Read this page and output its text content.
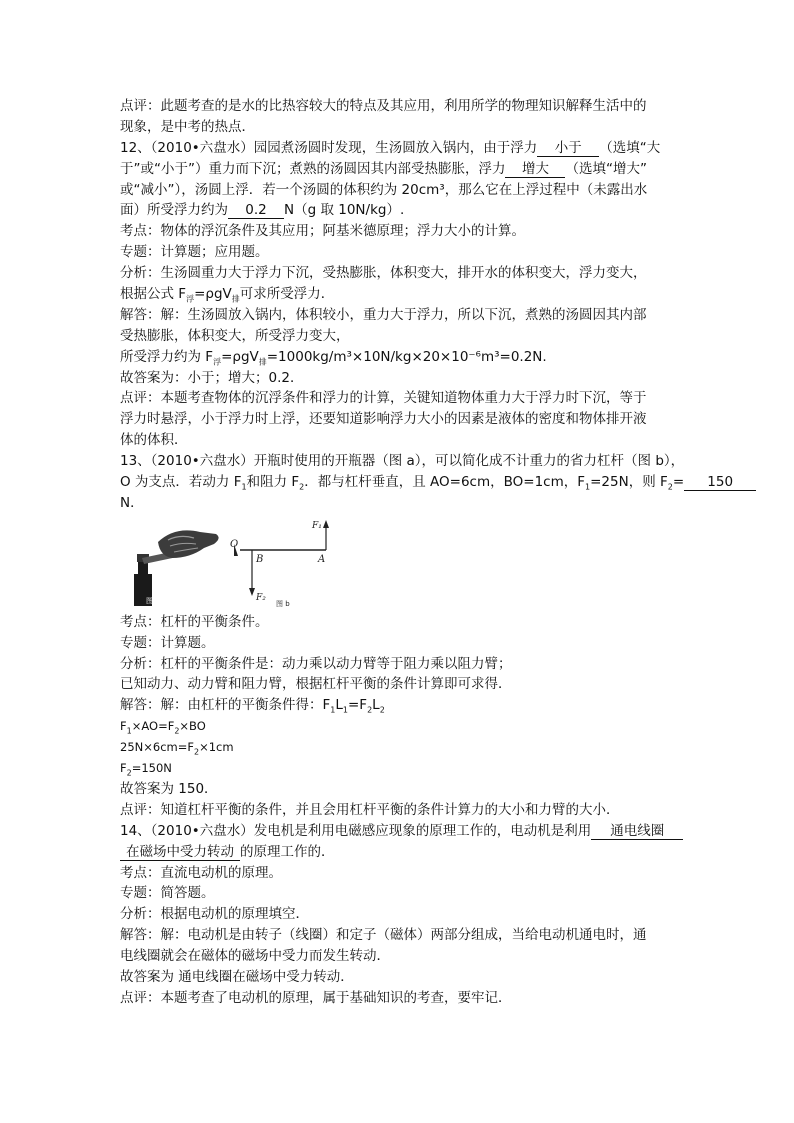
点评：此题考查的是水的比热容较大的特点及其应用，利用所学的物理知识解释生活中的
现象，是中考的热点．
12、（2010•六盘水）园园煮汤圆时发现，生汤圆放入锅内，由于浮力 小于 （选填“大
于”或“小于”）重力而下沉；煮熟的汤圆因其内部受热膨胀，浮力 增大 （选填“增大”
或“减小”），汤圆上浮．若一个汤圆的体积约为 20cm³，那么它在上浮过程中（未露出水
面）所受浮力约为 0.2 N（g 取 10N/kg）.
考点：物体的浮沉条件及其应用；阿基米德原理；浮力大小的计算。
专题：计算题；应用题。
分析：生汤圆重力大于浮力下沉，受热膨胀，体积变大，排开水的体积变大，浮力变大，
根据公式 $F_浮=\rho gV_排$可求所受浮力．
解答：解：生汤圆放入锅内，体积较小，重力大于浮力，所以下沉，煮熟的汤圆因其内部
受热膨胀，体积变大，所受浮力变大，
所受浮力约为 $F_浮=\rho gV_排=1000kg/m^3\times 10N/kg\times 20\times 10^{-6}m^3=0.2N$.
故答案为：小于；增大；0.2．
点评：本题考查物体的沉浮条件和浮力的计算，关键知道物体重力大于浮力时下沉，等于
浮力时悬浮，小于浮力时上浮，还要知道影响浮力大小的因素是液体的密度和物体排开液
体的体积．
13、（2010•六盘水）开瓶时使用的开瓶器（图 a），可以简化成不计重力的省力杠杆（图 b），
O 为支点．若动力 $F_1$和阻力 $F_2$．都与杠杆垂直，且 AO=6cm，BO=1cm，$F_1=25N$，则 $F_2= 150$
N．
图 a
O
B	A
F₁
F₂
图 b
考点：杠杆的平衡条件。
专题：计算题。
分析：杠杆的平衡条件是：动力乘以动力臂等于阻力乘以阻力臂；
已知动力、动力臂和阻力臂，根据杠杆平衡的条件计算即可求得．
解答：解：由杠杆的平衡条件得：$F_1L_1=F_2L_2$
$F_1\times AO=F_2\times BO$
$25N\times 6cm=F_2\times 1cm$
$F_2=150N$
故答案为 150．
点评：知道杠杆平衡的条件，并且会用杠杆平衡的条件计算力的大小和力臂的大小．
14、（2010•六盘水）发电机是利用电磁感应现象的原理工作的，电动机是利用 通电线圈
在磁场中受力转动 的原理工作的．
考点：直流电动机的原理。
专题：简答题。
分析：根据电动机的原理填空．
解答：解：电动机是由转子（线圈）和定子（磁体）两部分组成，当给电动机通电时，通
电线圈就会在磁体的磁场中受力而发生转动．
故答案为 通电线圈在磁场中受力转动．
点评：本题考查了电动机的原理，属于基础知识的考查，要牢记．
